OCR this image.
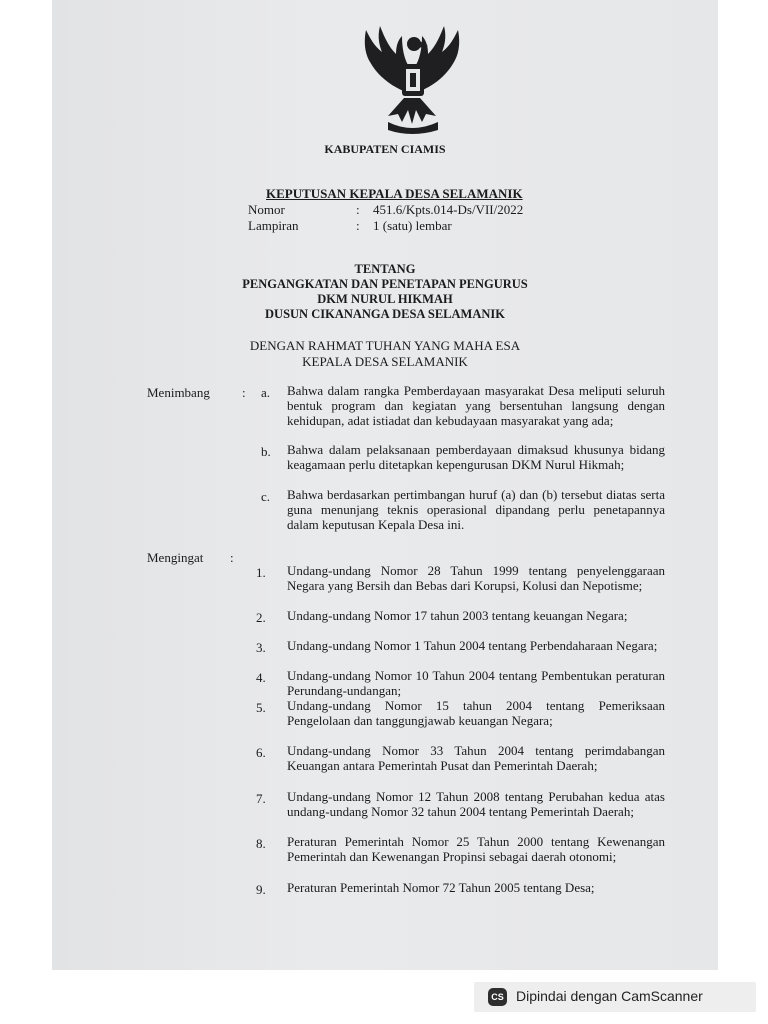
KABUPATEN CIAMIS
KEPUTUSAN KEPALA DESA SELAMANIK
Nomor	: 451.6/Kpts.014-Ds/VII/2022
Lampiran	: 1 (satu) lembar
TENTANG
PENGANGKATAN DAN PENETAPAN PENGURUS
DKM NURUL HIKMAH
DUSUN CIKANANGA DESA SELAMANIK
DENGAN RAHMAT TUHAN YANG MAHA ESA
KEPALA DESA SELAMANIK
Menimbang : a. Bahwa dalam rangka Pemberdayaan masyarakat Desa meliputi seluruh bentuk program dan kegiatan yang bersentuhan langsung dengan kehidupan, adat istiadat dan kebudayaan masyarakat yang ada;
b. Bahwa dalam pelaksanaan pemberdayaan dimaksud khusunya bidang keagamaan perlu ditetapkan kepengurusan DKM Nurul Hikmah;
c. Bahwa berdasarkan pertimbangan huruf (a) dan (b) tersebut diatas serta guna menunjang teknis operasional dipandang perlu penetapannya dalam keputusan Kepala Desa ini.
Mengingat :
1. Undang-undang Nomor 28 Tahun 1999 tentang penyelenggaraan Negara yang Bersih dan Bebas dari Korupsi, Kolusi dan Nepotisme;
2. Undang-undang Nomor 17 tahun 2003 tentang keuangan Negara;
3. Undang-undang Nomor 1 Tahun 2004 tentang Perbendaharaan Negara;
4. Undang-undang Nomor 10 Tahun 2004 tentang Pembentukan peraturan Perundang-undangan;
5. Undang-undang Nomor 15 tahun 2004 tentang Pemeriksaan Pengelolaan dan tanggungjawab keuangan Negara;
6. Undang-undang Nomor 33 Tahun 2004 tentang perimdabangan Keuangan antara Pemerintah Pusat dan Pemerintah Daerah;
7. Undang-undang Nomor 12 Tahun 2008 tentang Perubahan kedua atas undang-undang Nomor 32 tahun 2004 tentang Pemerintah Daerah;
8. Peraturan Pemerintah Nomor 25 Tahun 2000 tentang Kewenangan Pemerintah dan Kewenangan Propinsi sebagai daerah otonomi;
9. Peraturan Pemerintah Nomor 72 Tahun 2005 tentang Desa;
CS Dipindai dengan CamScanner
